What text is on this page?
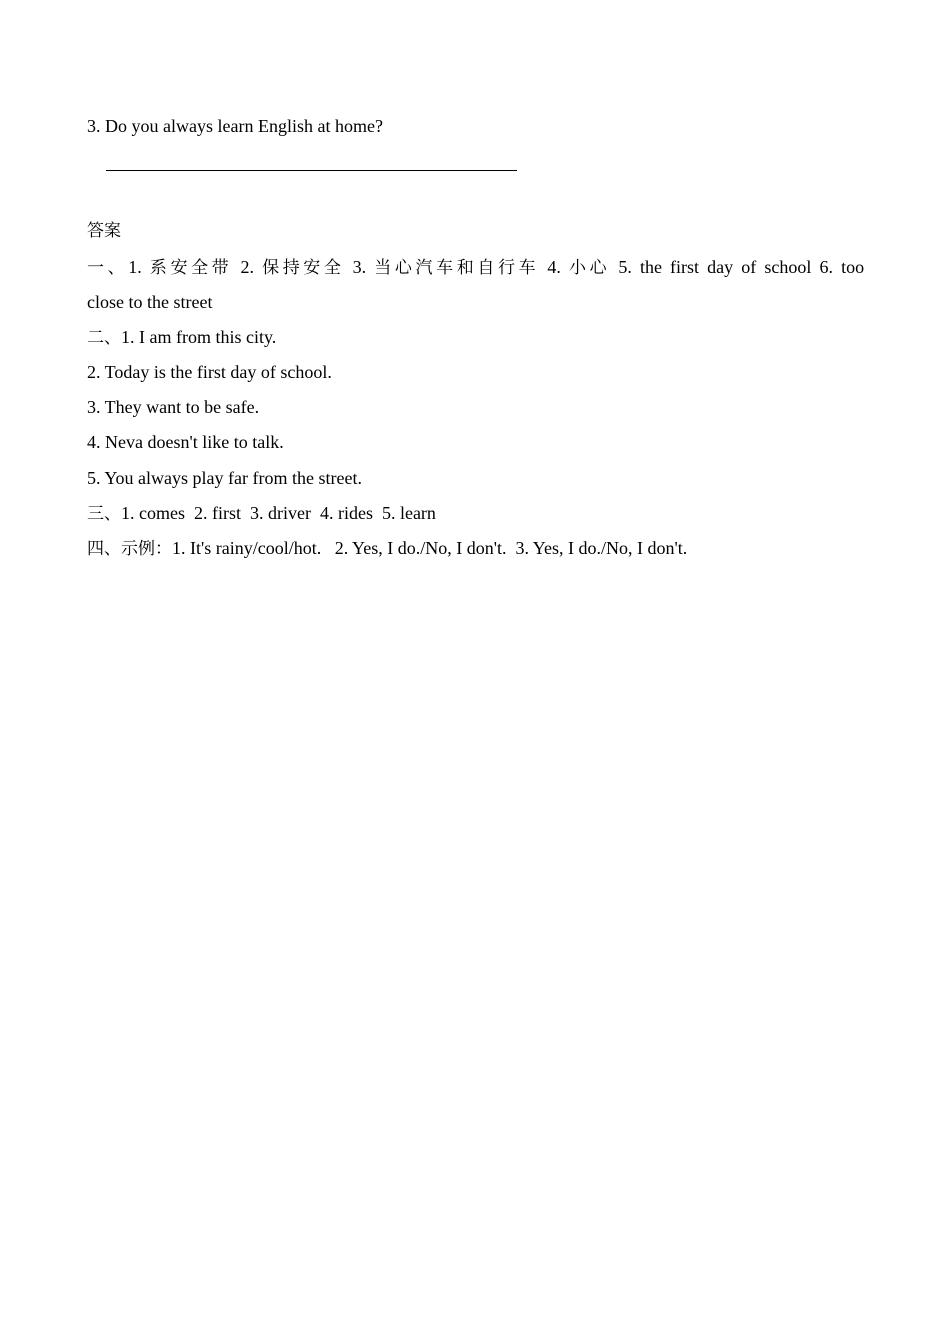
3. Do you always learn English at home?
答案
一、1. 系安全带 2. 保持安全 3. 当心汽车和自行车 4. 小心 5. the first day of school 6. too
close to the street
二、1. I am from this city.
2. Today is the first day of school.
3. They want to be safe.
4. Neva doesn't like to talk.
5. You always play far from the street.
三、1. comes  2. first  3. driver  4. rides  5. learn
四、示例：1. It's rainy/cool/hot.   2. Yes, I do./No, I don't.  3. Yes, I do./No, I don't.
